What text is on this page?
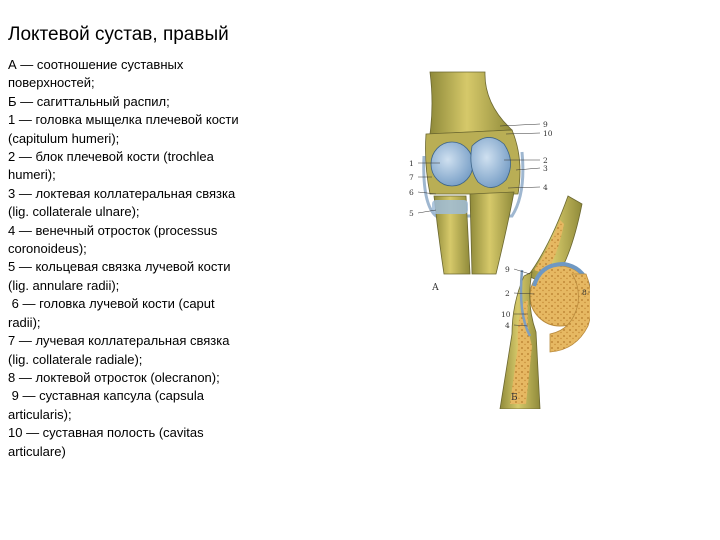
Локтевой сустав, правый
А — соотношение суставных
поверхностей;
Б — сагиттальный распил;
1 — головка мыщелка плечевой кости
(capitulum humeri);
2 — блок плечевой кости (trochlea
humeri);
3 — локтевая коллатеральная связка
(lig. collaterale ulnare);
4 — венечный отросток (processus
coronoideus);
5 — кольцевая связка лучевой кости
(lig. annulare radii);
6 — головка лучевой кости (caput
radii);
7 — лучевая коллатеральная связка
(lig. collaterale radiale);
8 — локтевой отросток (olecranon);
9 — суставная капсула (capsula
articularis);
10 — суставная полость (cavitas
articulare)
1
7
6
5
9
10
2
3
4
А
9
2
10
4
8
Б
